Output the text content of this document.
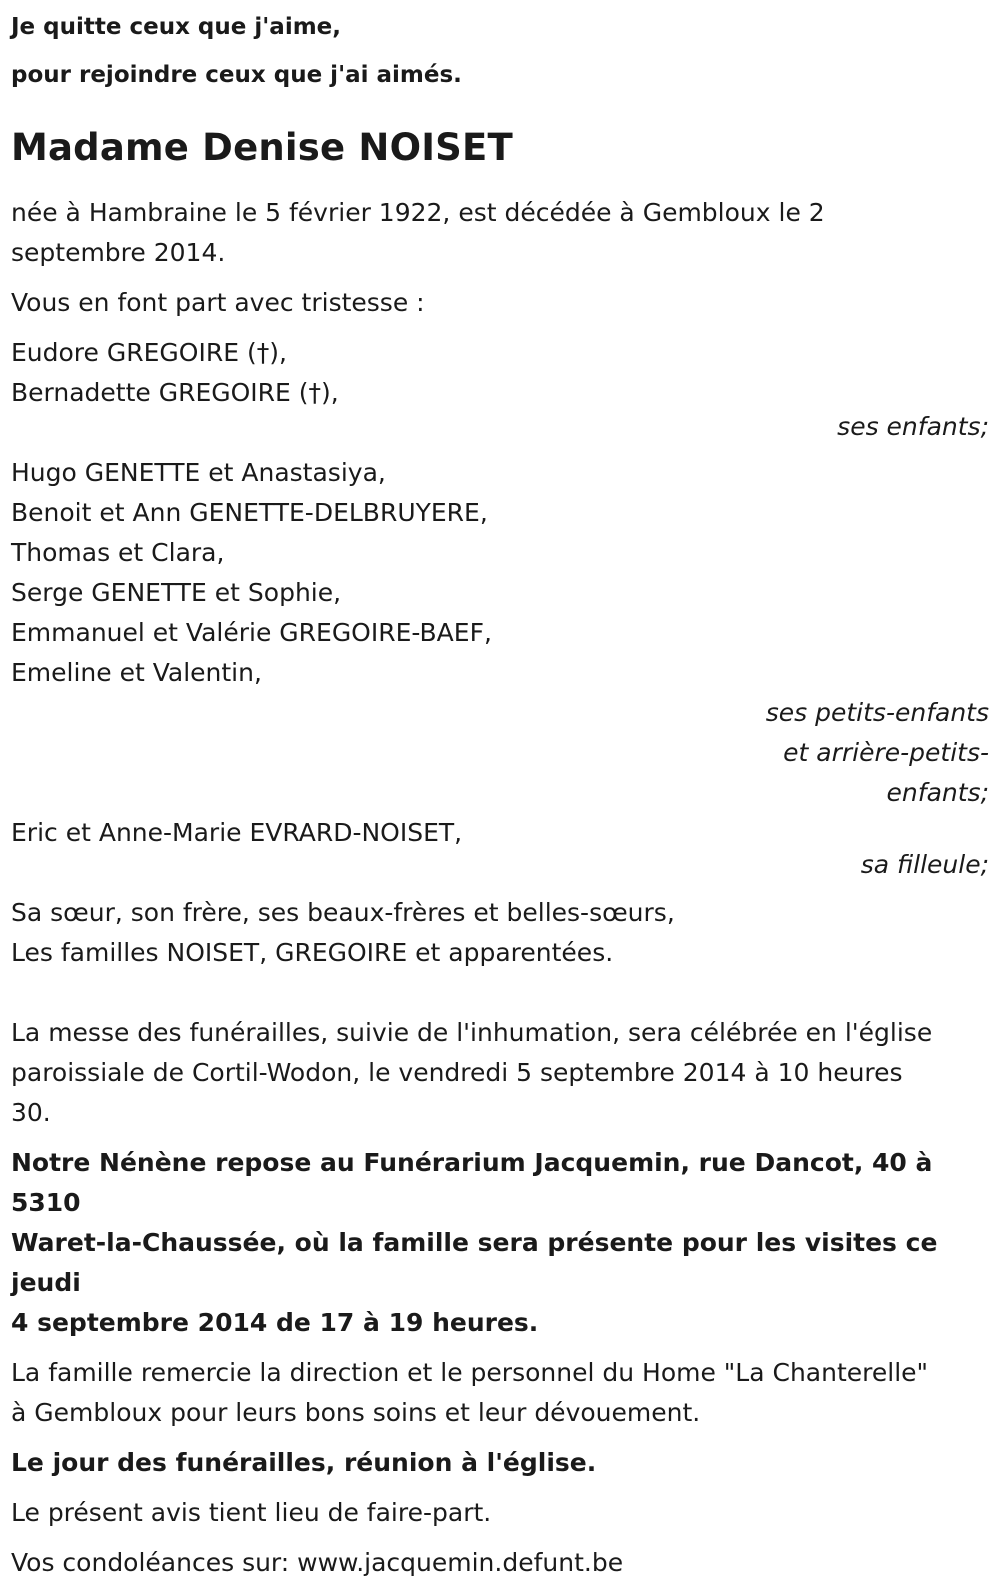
Je quitte ceux que j'aime,
pour rejoindre ceux que j'ai aimés.
Madame Denise NOISET
née à Hambraine le 5 février 1922, est décédée à Gembloux le 2
septembre 2014.
Vous en font part avec tristesse :
Eudore GREGOIRE (†),
Bernadette GREGOIRE (†),
ses enfants;
Hugo GENETTE et Anastasiya,
Benoit et Ann GENETTE-DELBRUYERE,
Thomas et Clara,
Serge GENETTE et Sophie,
Emmanuel et Valérie GREGOIRE-BAEF,
Emeline et Valentin,
ses petits-enfants
et arrière-petits-
enfants;
Eric et Anne-Marie EVRARD-NOISET,
sa filleule;
Sa sœur, son frère, ses beaux-frères et belles-sœurs,
Les familles NOISET, GREGOIRE et apparentées.
La messe des funérailles, suivie de l'inhumation, sera célébrée en l'église
paroissiale de Cortil-Wodon, le vendredi 5 septembre 2014 à 10 heures
30.
Notre Nénène repose au Funérarium Jacquemin, rue Dancot, 40 à 5310
Waret-la-Chaussée, où la famille sera présente pour les visites ce jeudi
4 septembre 2014 de 17 à 19 heures.
La famille remercie la direction et le personnel du Home "La Chanterelle"
à Gembloux pour leurs bons soins et leur dévouement.
Le jour des funérailles, réunion à l'église.
Le présent avis tient lieu de faire-part.
Vos condoléances sur: www.jacquemin.defunt.be
